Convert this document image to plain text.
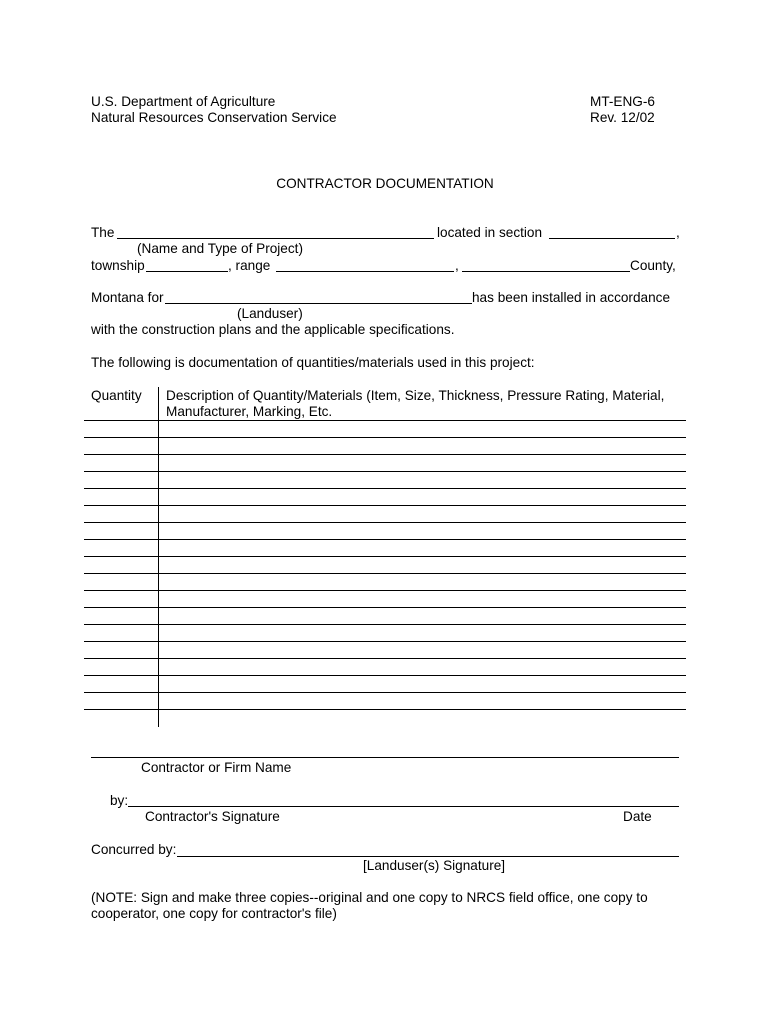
U.S. Department of Agriculture
Natural Resources Conservation Service
MT-ENG-6
Rev. 12/02
CONTRACTOR DOCUMENTATION
The	located in section	,
(Name and Type of Project)
township	, range	,	County,
Montana for	has been installed in accordance
(Landuser)
with the construction plans and the applicable specifications.
The following is documentation of quantities/materials used in this project:
Quantity Description of Quantity/Materials (Item, Size, Thickness, Pressure Rating, Material,
Manufacturer, Marking, Etc.
Contractor or Firm Name
by:
Contractor's Signature	Date
Concurred by:
[Landuser(s) Signature]
(NOTE: Sign and make three copies--original and one copy to NRCS field office, one copy to
cooperator, one copy for contractor's file)
